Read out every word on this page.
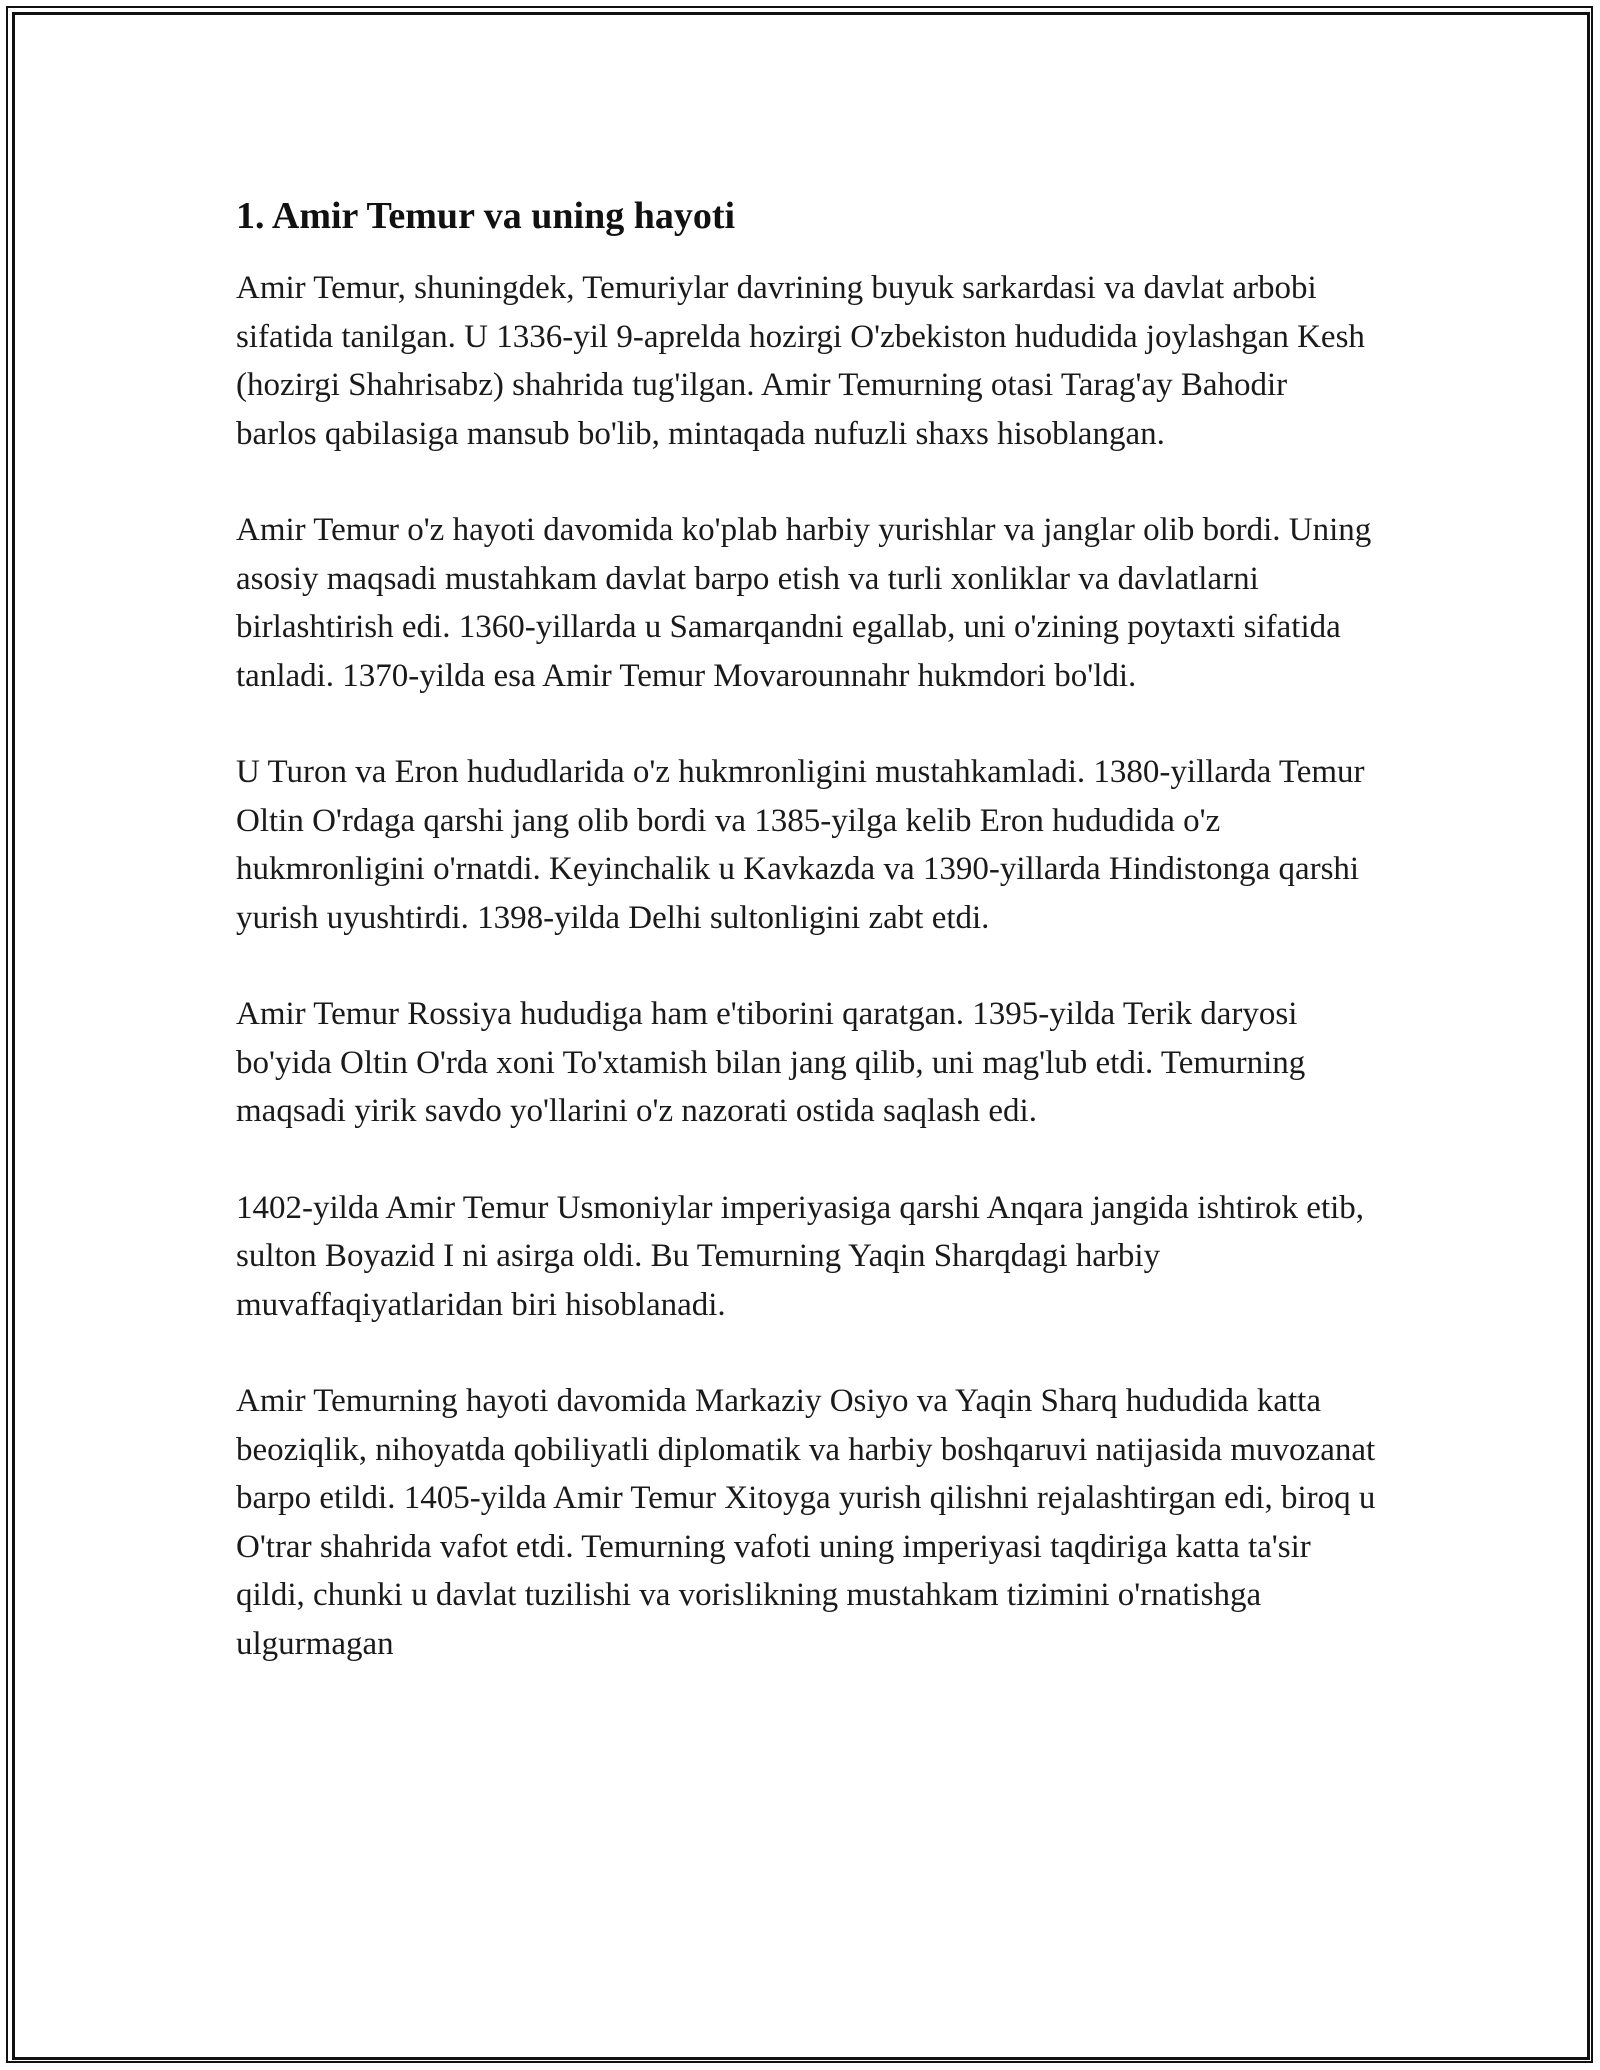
1. Amir Temur va uning hayoti

Amir Temur, shuningdek, Temuriylar davrining buyuk sarkardasi va davlat arbobi sifatida tanilgan. U 1336-yil 9-aprelda hozirgi O'zbekiston hududida joylashgan Kesh (hozirgi Shahrisabz) shahrida tug'ilgan. Amir Temurning otasi Tarag'ay Bahodir barlos qabilasiga mansub bo'lib, mintaqada nufuzli shaxs hisoblangan.

Amir Temur o'z hayoti davomida ko'plab harbiy yurishlar va janglar olib bordi. Uning asosiy maqsadi mustahkam davlat barpo etish va turli xonliklar va davlatlarni birlashtirish edi. 1360-yillarda u Samarqandni egallab, uni o'zining poytaxti sifatida tanladi. 1370-yilda esa Amir Temur Movarounnahr hukmdori bo'ldi.

U Turon va Eron hududlarida o'z hukmronligini mustahkamladi. 1380-yillarda Temur Oltin O'rdaga qarshi jang olib bordi va 1385-yilga kelib Eron hududida o'z hukmronligini o'rnatdi. Keyinchalik u Kavkazda va 1390-yillarda Hindistonga qarshi yurish uyushtirdi. 1398-yilda Delhi sultonligini zabt etdi.

Amir Temur Rossiya hududiga ham e'tiborini qaratgan. 1395-yilda Terik daryosi bo'yida Oltin O'rda xoni To'xtamish bilan jang qilib, uni mag'lub etdi. Temurning maqsadi yirik savdo yo'llarini o'z nazorati ostida saqlash edi.

1402-yilda Amir Temur Usmoniylar imperiyasiga qarshi Anqara jangida ishtirok etib, sulton Boyazid I ni asirga oldi. Bu Temurning Yaqin Sharqdagi harbiy muvaffaqiyatlaridan biri hisoblanadi.

Amir Temurning hayoti davomida Markaziy Osiyo va Yaqin Sharq hududida katta beoziqlik, nihoyatda qobiliyatli diplomatik va harbiy boshqaruvi natijasida muvozanat barpo etildi. 1405-yilda Amir Temur Xitoyga yurish qilishni rejalashtirgan edi, biroq u O'trar shahrida vafot etdi. Temurning vafoti uning imperiyasi taqdiriga katta ta'sir qildi, chunki u davlat tuzilishi va vorislikning mustahkam tizimini o'rnatishga ulgurmagan
